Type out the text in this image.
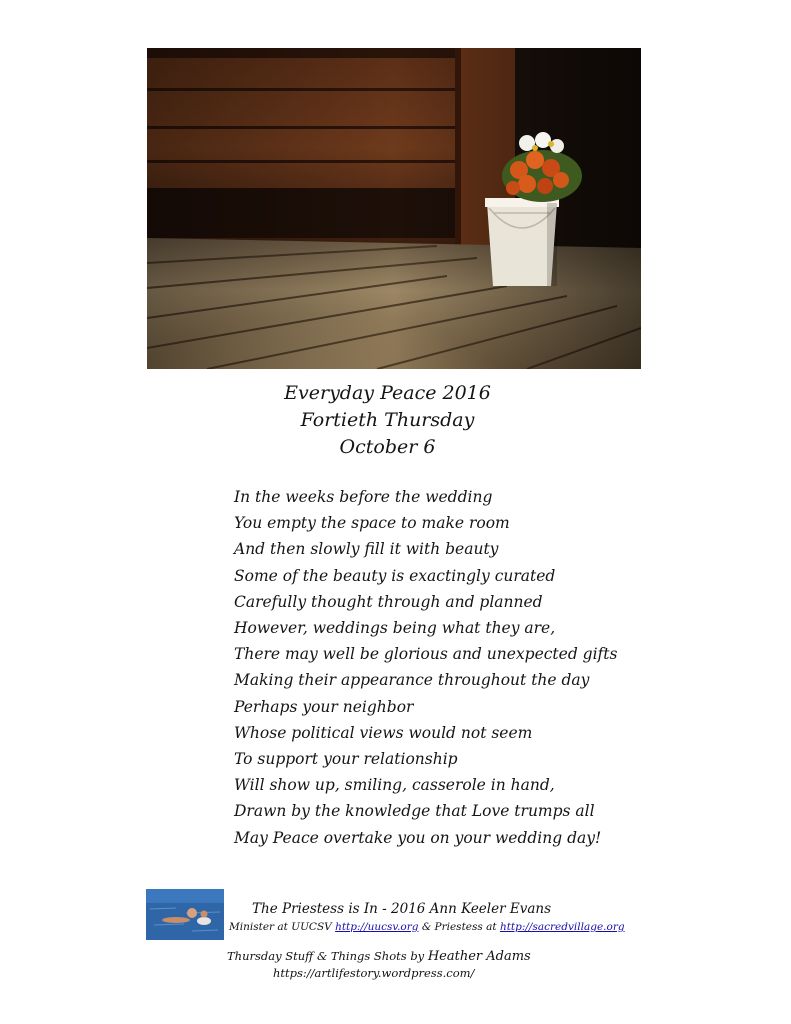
Everyday Peace 2016
Fortieth Thursday
October 6
In the weeks before the wedding
You empty the space to make room
And then slowly fill it with beauty
Some of the beauty is exactingly curated
Carefully thought through and planned
However, weddings being what they are,
There may well be glorious and unexpected gifts
Making their appearance throughout the day
Perhaps your neighbor
Whose political views would not seem
To support your relationship
Will show up, smiling, casserole in hand,
Drawn by the knowledge that Love trumps all
May Peace overtake you on your wedding day!
The Priestess is In - 2016 Ann Keeler Evans
Minister at UUCSV http://uucsv.org & Priestess at http://sacredvillage.org
Thursday Stuff & Things Shots by Heather Adams
https://artlifestory.wordpress.com/
